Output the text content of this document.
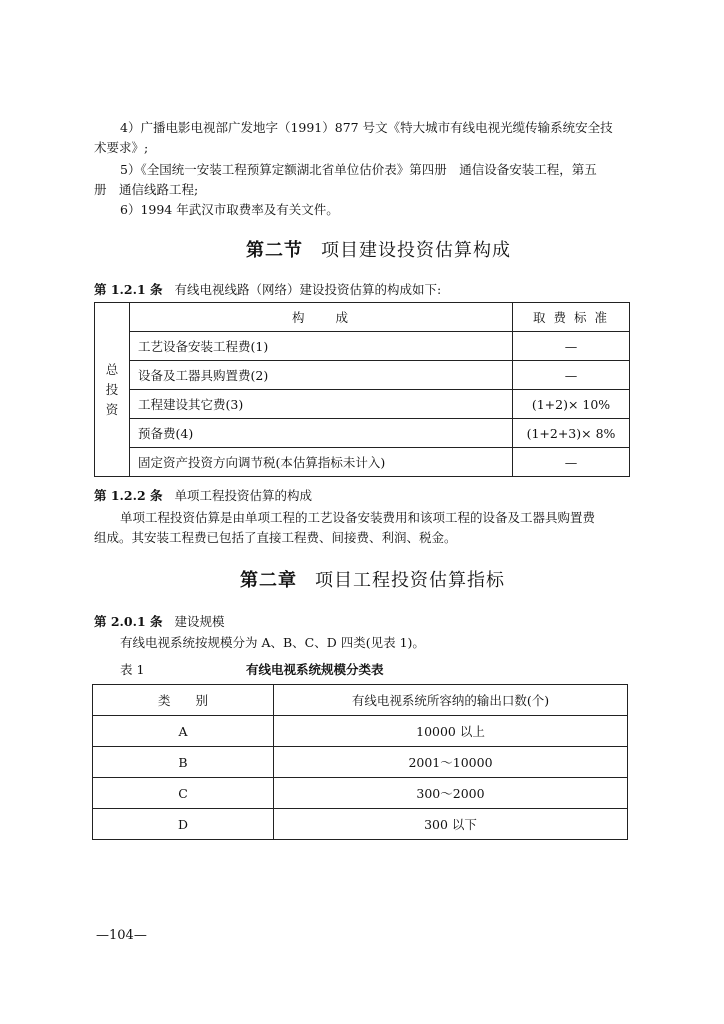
4）广播电影电视部广发地字（1991）877 号文《特大城市有线电视光缆传输系统安全技
术要求》;
5）《全国统一安装工程预算定额湖北省单位估价表》第四册　通信设备安装工程，第五
册　通信线路工程;
6）1994 年武汉市取费率及有关文件。
第二节 项目建设投资估算构成
第 1.2.1 条 有线电视线路（网络）建设投资估算的构成如下:
总
投
资	构　　成	取 费 标 准
	工艺设备安装工程费(1)	—
	设备及工器具购置费(2)	—
	工程建设其它费(3)	(1+2)× 10%
	预备费(4)	(1+2+3)× 8%
	固定资产投资方向调节税(本估算指标未计入)	—
第 1.2.2 条 单项工程投资估算的构成
单项工程投资估算是由单项工程的工艺设备安装费用和该项工程的设备及工器具购置费
组成。其安装工程费已包括了直接工程费、间接费、利润、税金。
第二章 项目工程投资估算指标
第 2.0.1 条 建设规模
有线电视系统按规模分为 A、B、C、D 四类(见表 1)。
表 1	有线电视系统规模分类表
类　　别	有线电视系统所容纳的输出口数(个)
A	10000 以上
B	2001～10000
C	300～2000
D	300 以下
—104—
